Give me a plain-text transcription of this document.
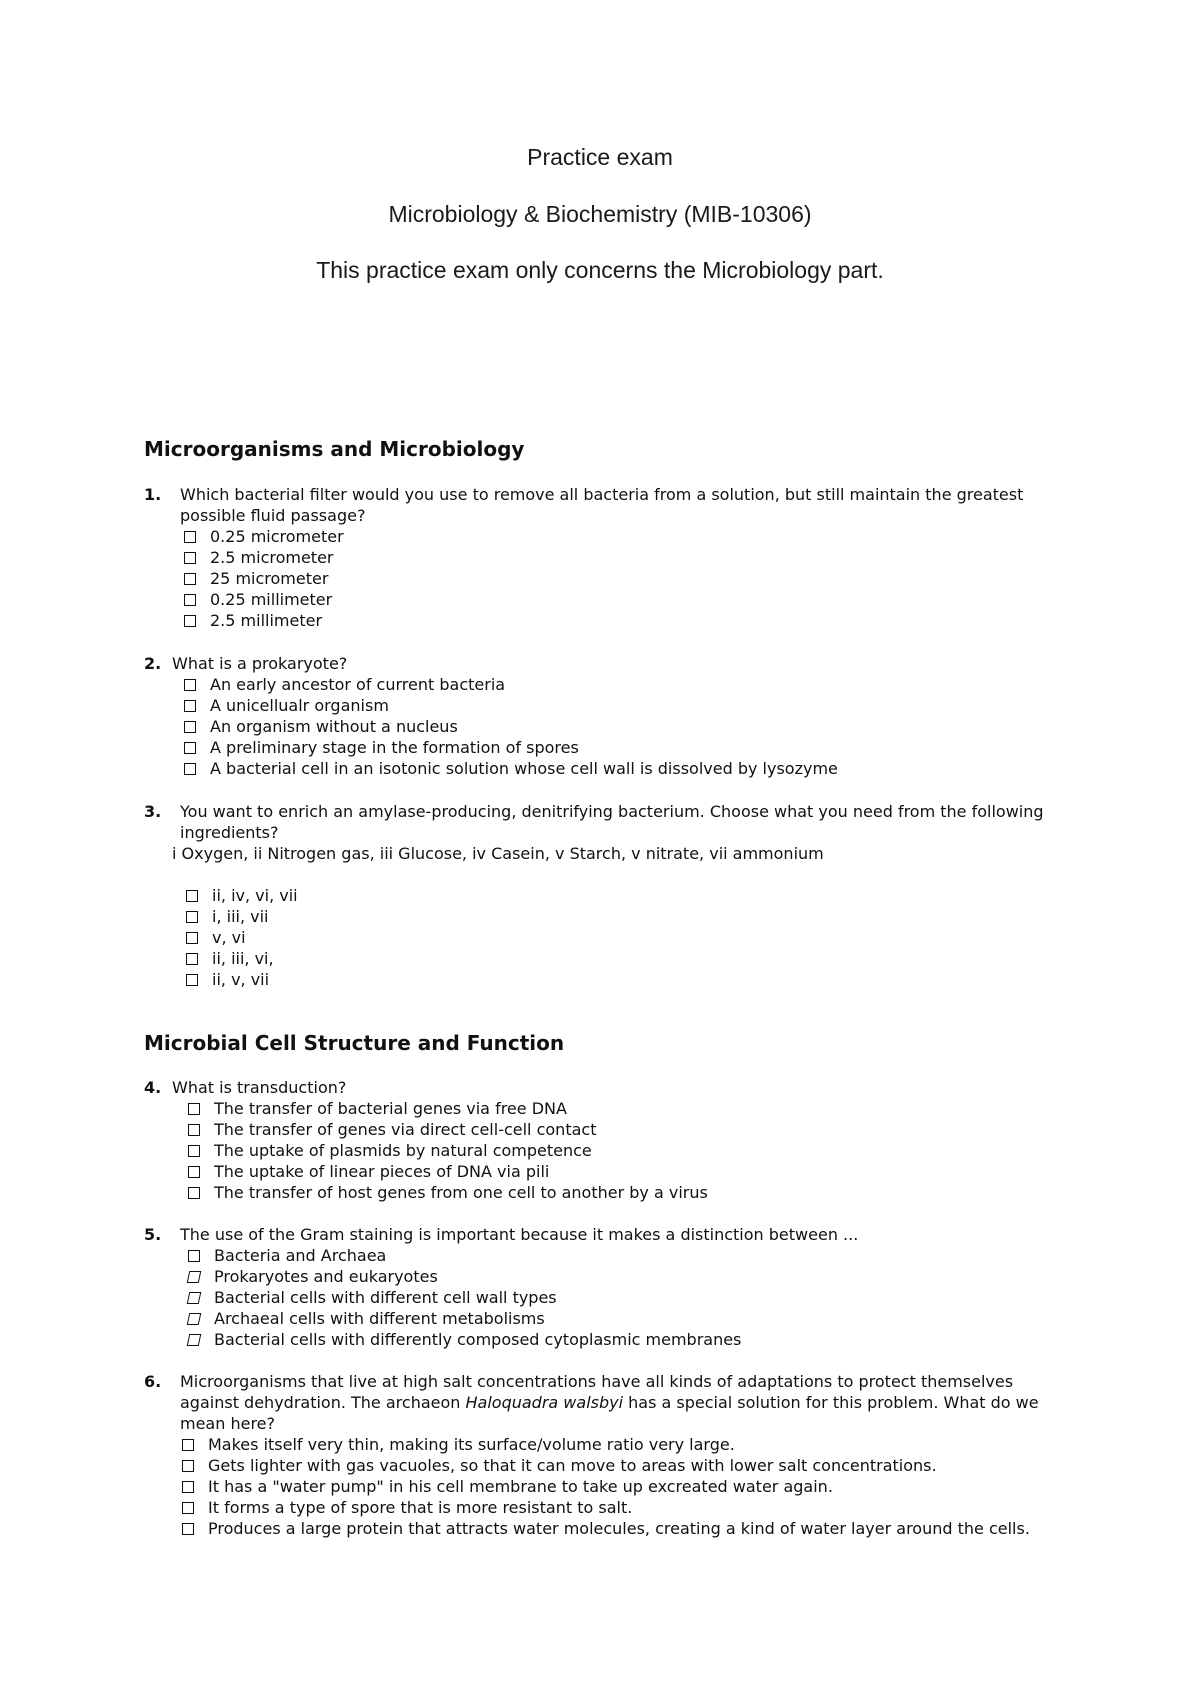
Practice exam
Microbiology & Biochemistry (MIB-10306)
This practice exam only concerns the Microbiology part.
Microorganisms and Microbiology
1. Which bacterial filter would you use to remove all bacteria from a solution, but still maintain the greatest possible fluid passage?
0.25 micrometer
2.5 micrometer
25 micrometer
0.25 millimeter
2.5 millimeter
2. What is a prokaryote?
An early ancestor of current bacteria
A unicellualr organism
An organism without a nucleus
A preliminary stage in the formation of spores
A bacterial cell in an isotonic solution whose cell wall is dissolved by lysozyme
3. You want to enrich an amylase-producing, denitrifying bacterium. Choose what you need from the following ingredients?
i Oxygen, ii Nitrogen gas, iii Glucose, iv Casein, v Starch, v nitrate, vii ammonium
ii, iv, vi, vii
i, iii, vii
v, vi
ii, iii, vi,
ii, v, vii
Microbial Cell Structure and Function
4. What is transduction?
The transfer of bacterial genes via free DNA
The transfer of genes via direct cell-cell contact
The uptake of plasmids by natural competence
The uptake of linear pieces of DNA via pili
The transfer of host genes from one cell to another by a virus
5. The use of the Gram staining is important because it makes a distinction between ...
Bacteria and Archaea
Prokaryotes and eukaryotes
Bacterial cells with different cell wall types
Archaeal cells with different metabolisms
Bacterial cells with differently composed cytoplasmic membranes
6. Microorganisms that live at high salt concentrations have all kinds of adaptations to protect themselves against dehydration. The archaeon Haloquadra walsbyi has a special solution for this problem. What do we mean here?
Makes itself very thin, making its surface/volume ratio very large.
Gets lighter with gas vacuoles, so that it can move to areas with lower salt concentrations.
It has a "water pump" in his cell membrane to take up excreated water again.
It forms a type of spore that is more resistant to salt.
Produces a large protein that attracts water molecules, creating a kind of water layer around the cells.
